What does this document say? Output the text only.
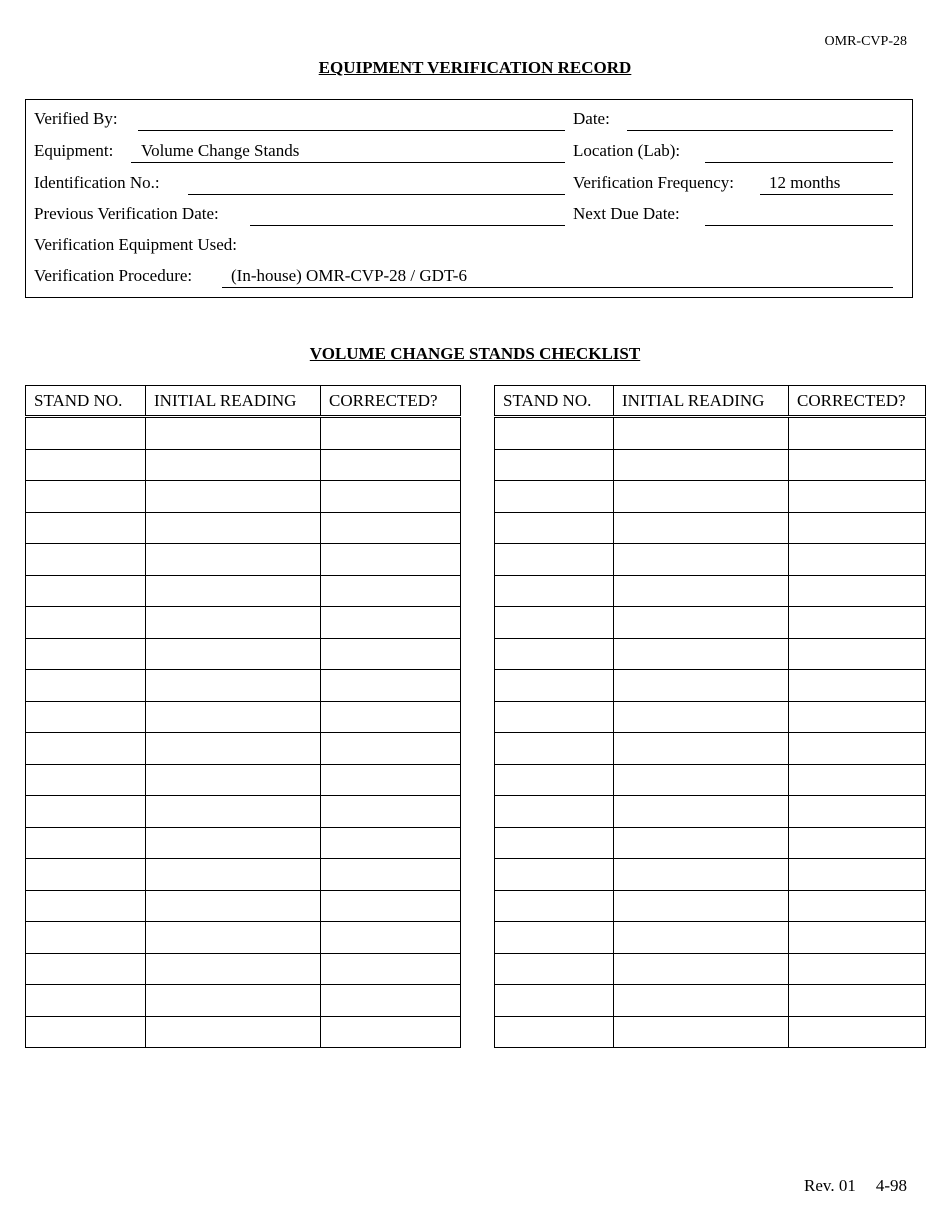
OMR-CVP-28
EQUIPMENT VERIFICATION RECORD
Verified By:	Date:
Equipment: Volume Change Stands	Location (Lab):
Identification No.:	Verification Frequency: 12 months
Previous Verification Date:	Next Due Date:
Verification Equipment Used:
Verification Procedure: (In-house) OMR-CVP-28 / GDT-6
VOLUME CHANGE STANDS CHECKLIST
STAND NO.	INITIAL READING	CORRECTED?

			STAND NO.	INITIAL READING	CORRECTED?

Rev. 01 4-98
